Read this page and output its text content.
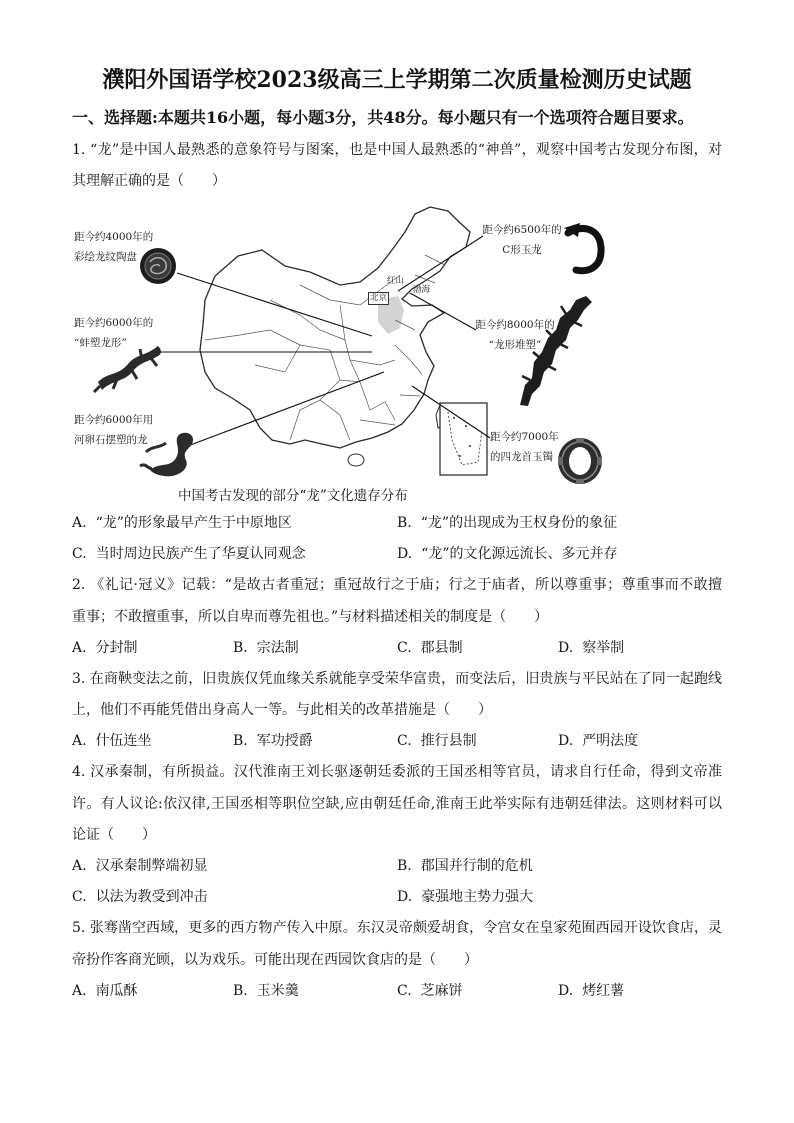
濮阳外国语学校2023级高三上学期第二次质量检测历史试题
一、选择题:本题共16小题，每小题3分，共48分。每小题只有一个选项符合题目要求。
1. “龙”是中国人最熟悉的意象符号与图案，也是中国人最熟悉的“神兽”，观察中国考古发现分布图，对
其理解正确的是（　　）
距今约4000年的
彩绘龙纹陶盘
距今约6000年的
“蚌塑龙形”
距今约6000年用
河卵石摆塑的龙
距今约6500年的
C形玉龙
距今约8000年的
“龙形堆塑”
距今约7000年
的四龙首玉镯
红山
北京
渤海
中国考古发现的部分“龙”文化遗存分布
A. “龙”的形象最早产生于中原地区	B. “龙”的出现成为王权身份的象征
C. 当时周边民族产生了华夏认同观念	D. “龙”的文化源远流长、多元并存
2. 《礼记·冠义》记载：“是故古者重冠；重冠故行之于庙；行之于庙者，所以尊重事；尊重事而不敢擅
重事；不敢擅重事，所以自卑而尊先祖也。”与材料描述相关的制度是（　　）
A. 分封制	B. 宗法制	C. 郡县制	D. 察举制
3. 在商鞅变法之前，旧贵族仅凭血缘关系就能享受荣华富贵，而变法后，旧贵族与平民站在了同一起跑线
上，他们不再能凭借出身高人一等。与此相关的改革措施是（　　）
A. 什伍连坐	B. 军功授爵	C. 推行县制	D. 严明法度
4. 汉承秦制，有所损益。汉代淮南王刘长驱逐朝廷委派的王国丞相等官员，请求自行任命，得到文帝准
许。有人议论:依汉律,王国丞相等职位空缺,应由朝廷任命,淮南王此举实际有违朝廷律法。这则材料可以
论证（　　）
A. 汉承秦制弊端初显	B. 郡国并行制的危机
C. 以法为教受到冲击	D. 豪强地主势力强大
5. 张骞凿空西域，更多的西方物产传入中原。东汉灵帝颇爱胡食，令宫女在皇家苑囿西园开设饮食店，灵
帝扮作客商光顾，以为戏乐。可能出现在西园饮食店的是（　　）
A. 南瓜酥	B. 玉米羹	C. 芝麻饼	D. 烤红薯
